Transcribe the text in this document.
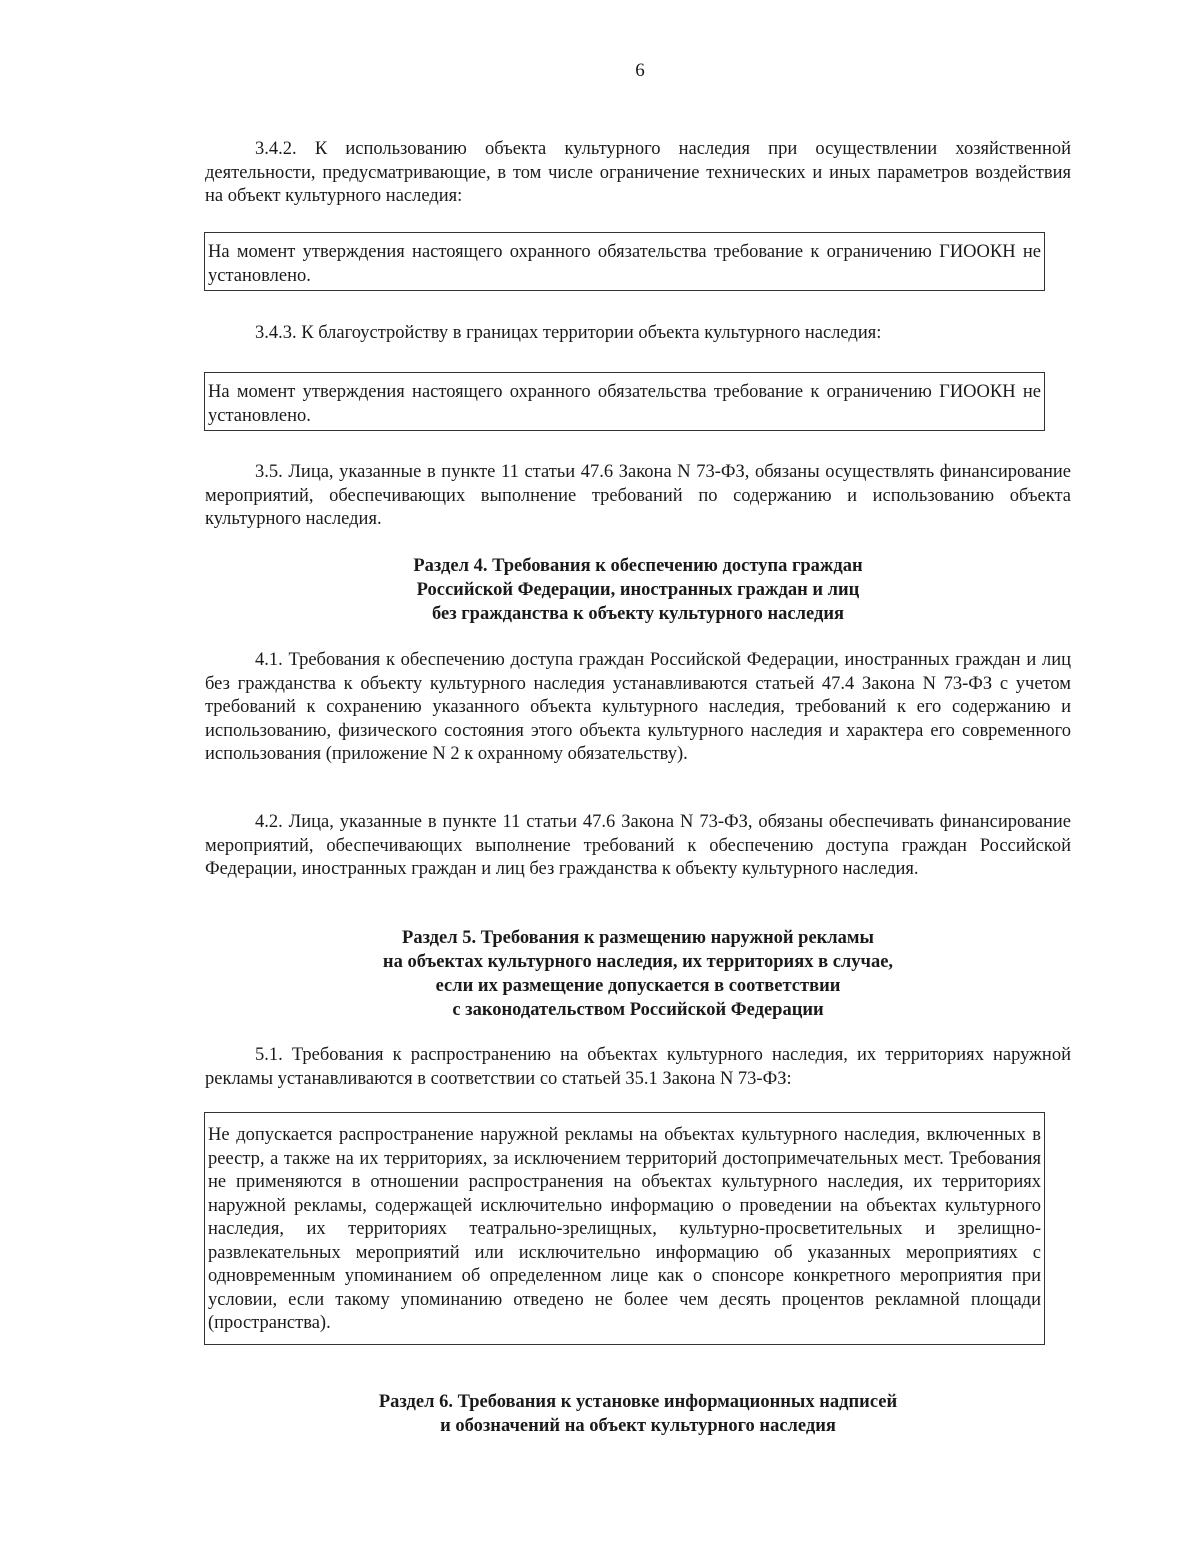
6

3.4.2. К использованию объекта культурного наследия при осуществлении хозяйственной деятельности, предусматривающие, в том числе ограничение технических и иных параметров воздействия на объект культурного наследия:

На момент утверждения настоящего охранного обязательства требование к ограничению ГИООКН не установлено.

3.4.3. К благоустройству в границах территории объекта культурного наследия:

На момент утверждения настоящего охранного обязательства требование к ограничению ГИООКН не установлено.

3.5. Лица, указанные в пункте 11 статьи 47.6 Закона N 73-ФЗ, обязаны осуществлять финансирование мероприятий, обеспечивающих выполнение требований по содержанию и использованию объекта культурного наследия.

Раздел 4. Требования к обеспечению доступа граждан
Российской Федерации, иностранных граждан и лиц
без гражданства к объекту культурного наследия

4.1. Требования к обеспечению доступа граждан Российской Федерации, иностранных граждан и лиц без гражданства к объекту культурного наследия устанавливаются статьей 47.4 Закона N 73-ФЗ с учетом требований к сохранению указанного объекта культурного наследия, требований к его содержанию и использованию, физического состояния этого объекта культурного наследия и характера его современного использования (приложение N 2 к охранному обязательству).

4.2. Лица, указанные в пункте 11 статьи 47.6 Закона N 73-ФЗ, обязаны обеспечивать финансирование мероприятий, обеспечивающих выполнение требований к обеспечению доступа граждан Российской Федерации, иностранных граждан и лиц без гражданства к объекту культурного наследия.
Раздел 5. Требования к размещению наружной рекламы
на объектах культурного наследия, их территориях в случае,
если их размещение допускается в соответствии
с законодательством Российской Федерации

5.1. Требования к распространению на объектах культурного наследия, их территориях наружной рекламы устанавливаются в соответствии со статьей 35.1 Закона N 73-ФЗ:

Не допускается распространение наружной рекламы на объектах культурного наследия, включенных в реестр, а также на их территориях, за исключением территорий достопримечательных мест. Требования не применяются в отношении распространения на объектах культурного наследия, их территориях наружной рекламы, содержащей исключительно информацию о проведении на объектах культурного наследия, их территориях театрально-зрелищных, культурно-просветительных и зрелищно-развлекательных мероприятий или исключительно информацию об указанных мероприятиях с одновременным упоминанием об определенном лице как о спонсоре конкретного мероприятия при условии, если такому упоминанию отведено не более чем десять процентов рекламной площади (пространства).
Раздел 6. Требования к установке информационных надписей
и обозначений на объект культурного наследия
